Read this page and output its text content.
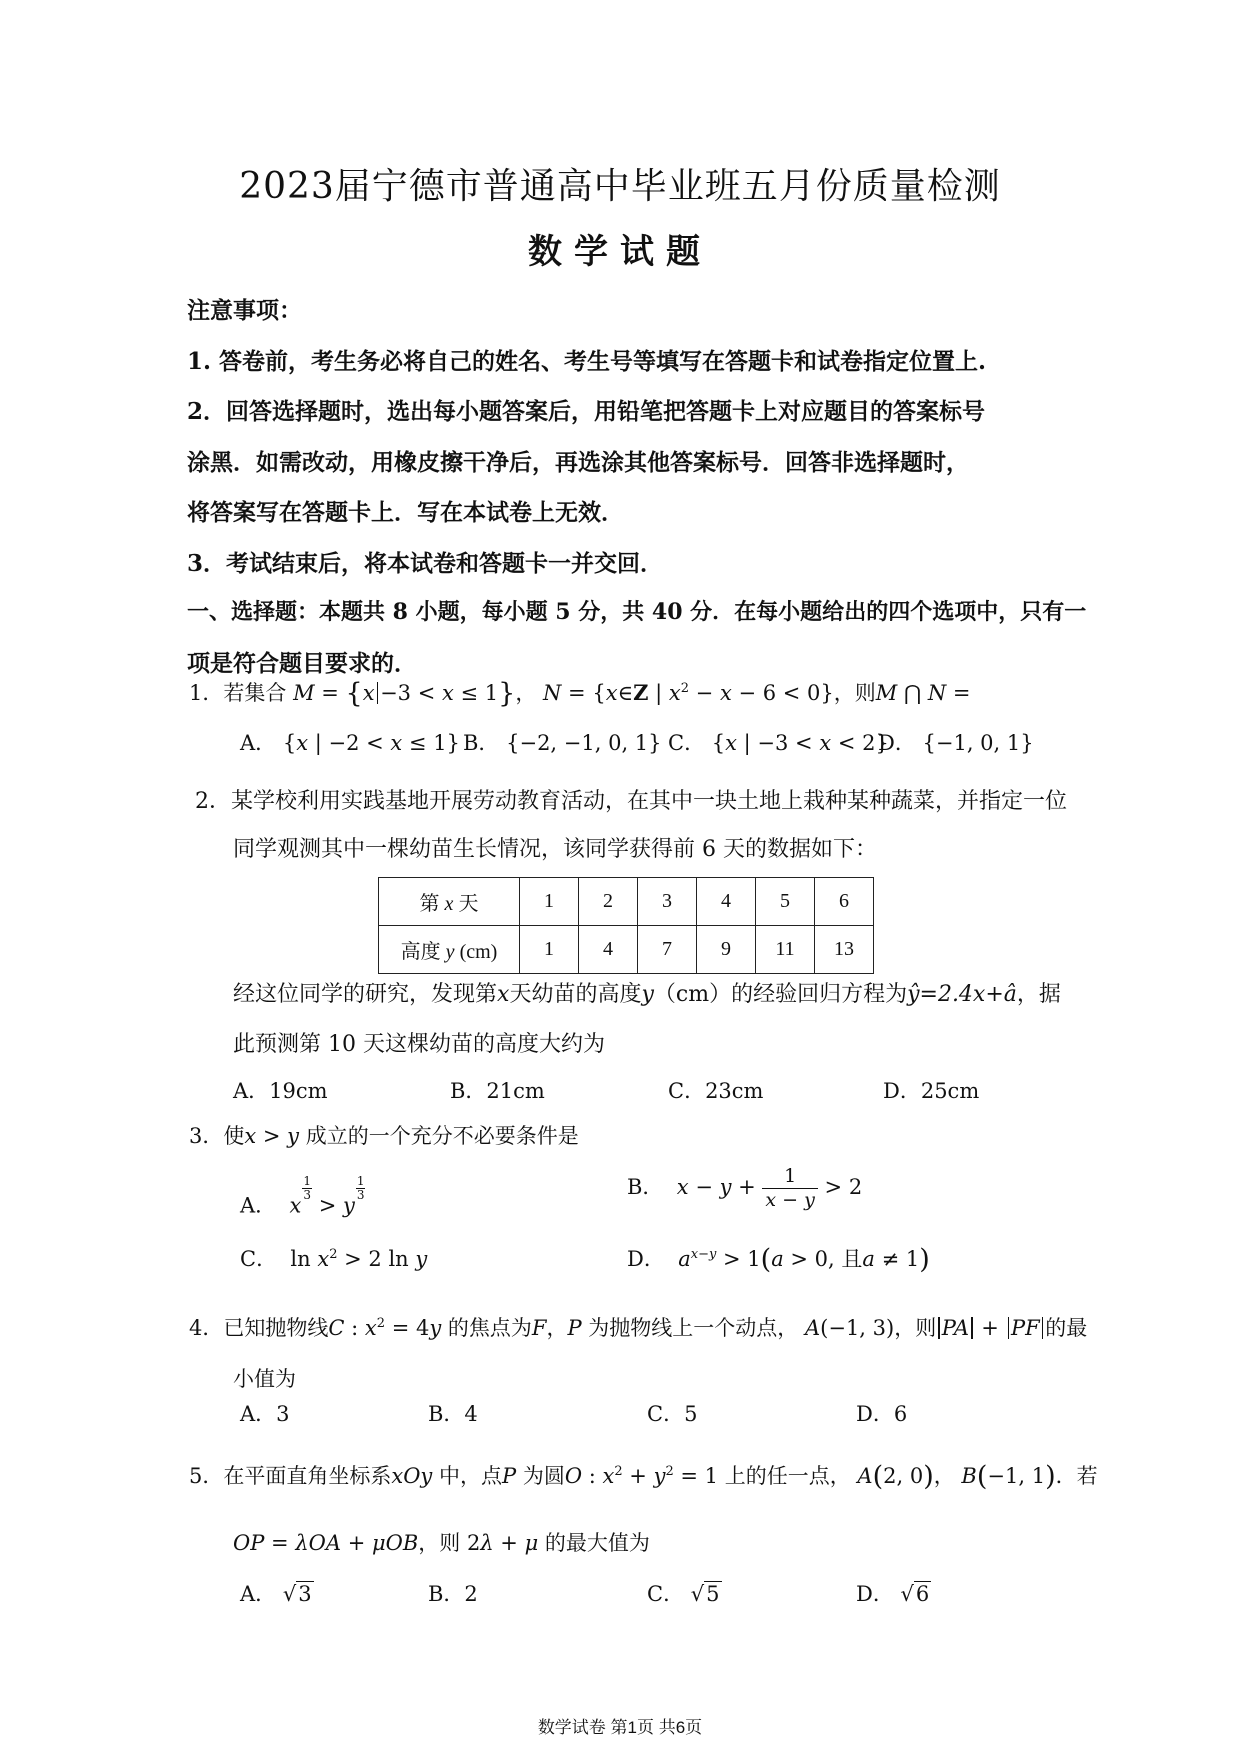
2023届宁德市普通高中毕业班五月份质量检测
数学试题
注意事项：
1. 答卷前，考生务必将自己的姓名、考生号等填写在答题卡和试卷指定位置上.
2．回答选择题时，选出每小题答案后，用铅笔把答题卡上对应题目的答案标号
涂黑．如需改动，用橡皮擦干净后，再选涂其他答案标号．回答非选择题时，
将答案写在答题卡上．写在本试卷上无效．
3．考试结束后，将本试卷和答题卡一并交回．
一、选择题：本题共 8 小题，每小题 5 分，共 40 分．在每小题给出的四个选项中，只有一
项是符合题目要求的．
1．若集合 M = {x −3 < x ≤ 1}， N = {x∈Z | $x^2 - x - 6 < 0$}，则M ⋂ N =
A． {x | −2 < x ≤ 1} B． {−2, −1, 0, 1} C． {x | −3 < x < 2}
D． {−1, 0, 1}
2．某学校利用实践基地开展劳动教育活动，在其中一块土地上栽种某种蔬菜，并指定一位
同学观测其中一棵幼苗生长情况，该同学获得前 6 天的数据如下：
第 x 天	1	2	3	4	5	6
高度 y (cm)	1	4	7	9	11	13
经这位同学的研究，发现第x天幼苗的高度y（cm）的经验回归方程为ŷ=2.4x+â，据
此预测第 10 天这棵幼苗的高度大约为
A．19cm	B．21cm	C．23cm	D．25cm
3．使x > y 成立的一个充分不必要条件是
A． x
$\frac{1}{3}$
> y
$\frac{1}{3}$	B． $x - y + \frac{1}{x - y} > 2$
C．  $\ln x^2 > 2$ ln y	D． $a^{x-y} > 1(a > 0$, 且a ≠ 1)
4．已知抛物线C : $x^2 = 4y$ 的焦点为F，P 为抛物线上一个动点， A(−1, 3)，则 PA + PF 的最
小值为
A．3	B．4	C．5	D．6
5．在平面直角坐标系xOy 中，点P 为圆O : $x^2 + y^2 = 1$ 上的任一点， A(2, 0)， B(−1, 1)．若
OP = λOA + μOB，则 2λ + μ 的最大值为
A． √3	B．2	C． √5	D． √6
数学试卷 第1页 共6页
